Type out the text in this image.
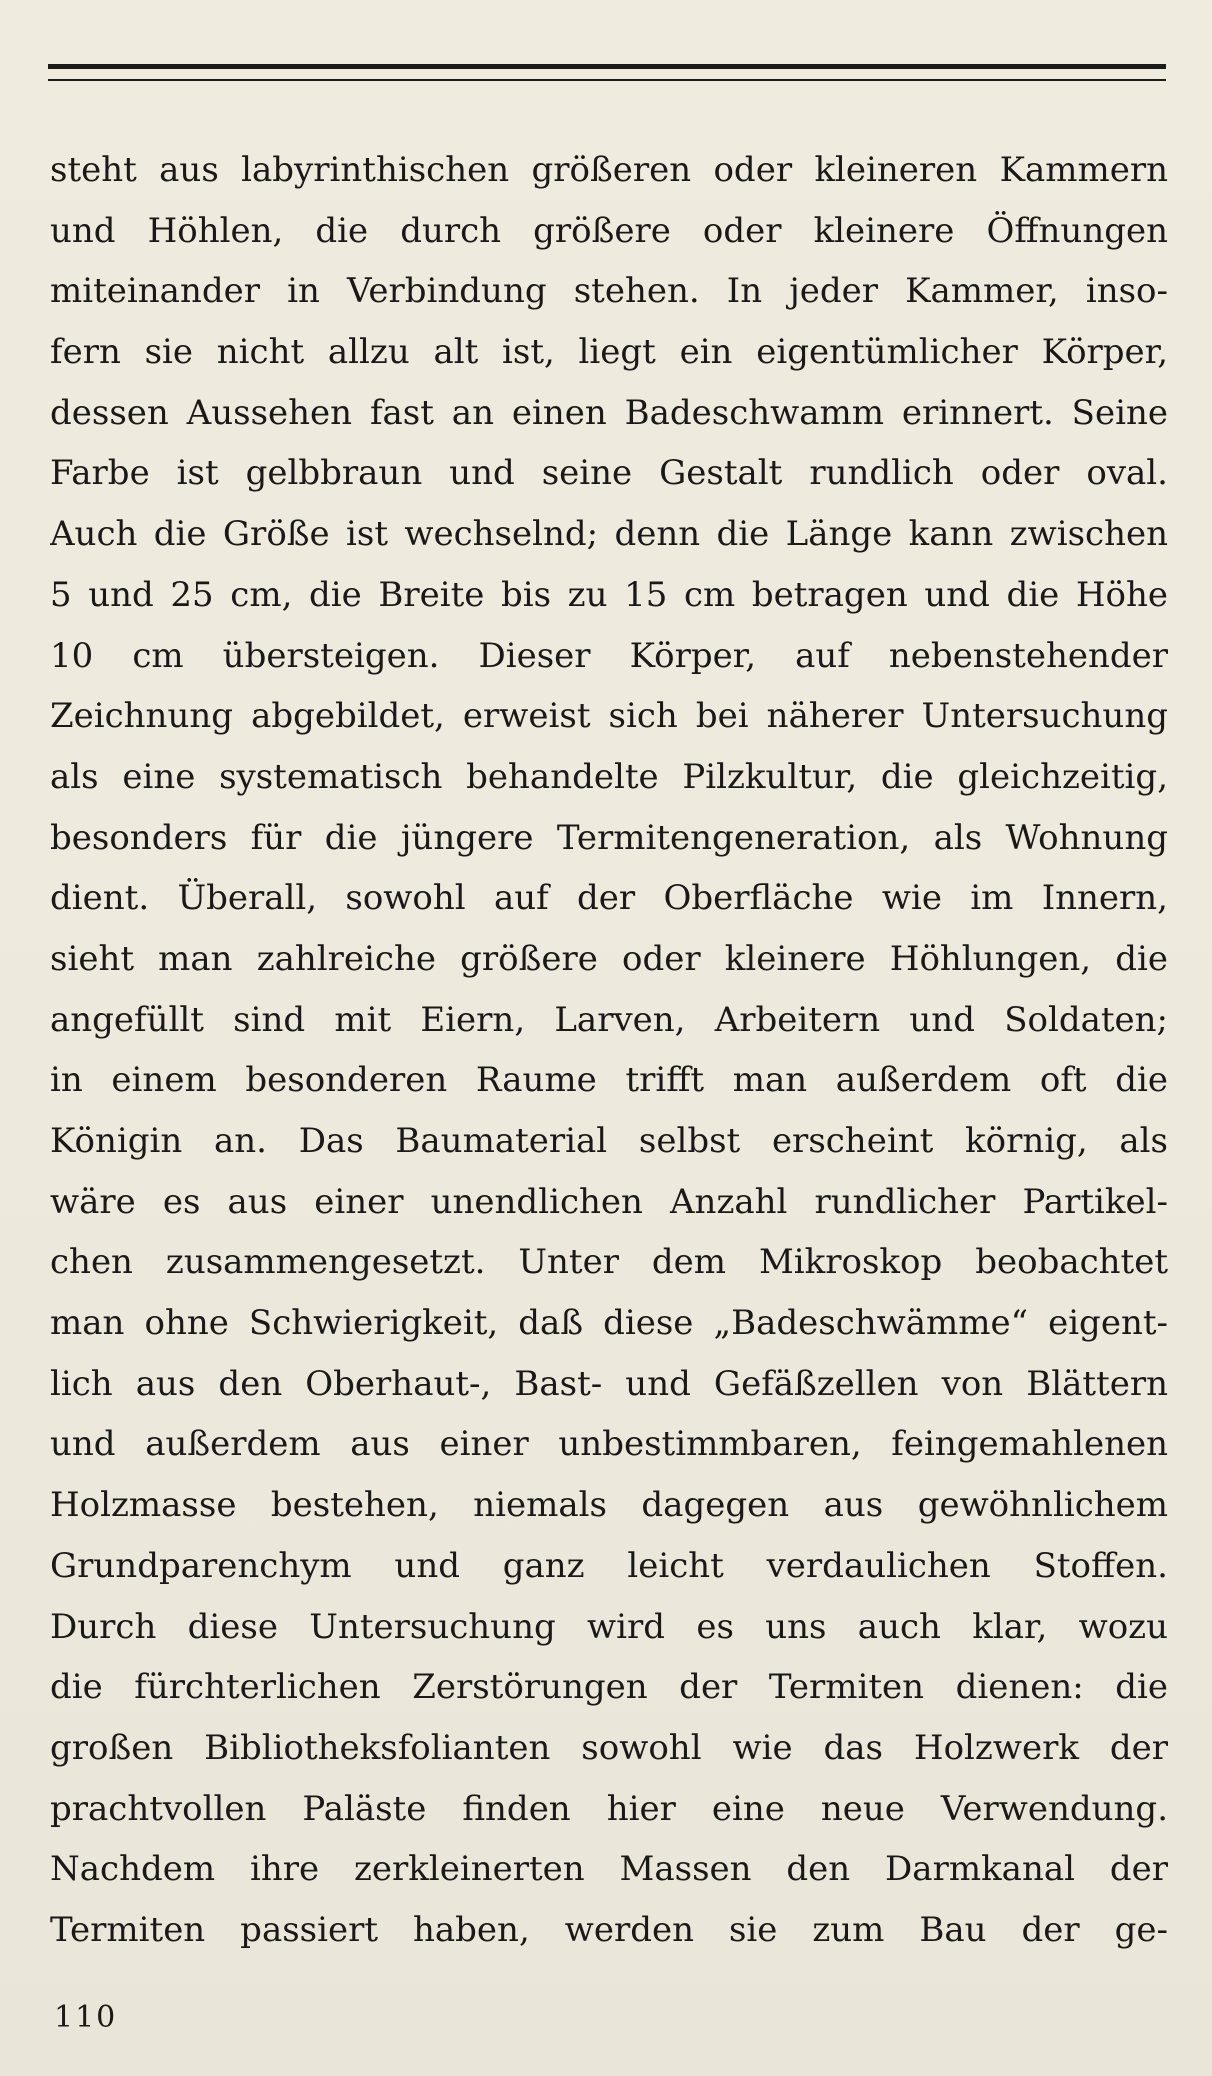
steht aus labyrinthischen größeren oder kleineren Kammern
und Höhlen, die durch größere oder kleinere Öffnungen
miteinander in Verbindung stehen. In jeder Kammer, inso-
fern sie nicht allzu alt ist, liegt ein eigentümlicher Körper,
dessen Aussehen fast an einen Badeschwamm erinnert. Seine
Farbe ist gelbbraun und seine Gestalt rundlich oder oval.
Auch die Größe ist wechselnd; denn die Länge kann zwischen
5 und 25 cm, die Breite bis zu 15 cm betragen und die Höhe
10 cm übersteigen. Dieser Körper, auf nebenstehender
Zeichnung abgebildet, erweist sich bei näherer Untersuchung
als eine systematisch behandelte Pilzkultur, die gleichzeitig,
besonders für die jüngere Termitengeneration, als Wohnung
dient. Überall, sowohl auf der Oberfläche wie im Innern,
sieht man zahlreiche größere oder kleinere Höhlungen, die
angefüllt sind mit Eiern, Larven, Arbeitern und Soldaten;
in einem besonderen Raume trifft man außerdem oft die
Königin an. Das Baumaterial selbst erscheint körnig, als
wäre es aus einer unendlichen Anzahl rundlicher Partikel-
chen zusammengesetzt. Unter dem Mikroskop beobachtet
man ohne Schwierigkeit, daß diese „Badeschwämme“ eigent-
lich aus den Oberhaut-, Bast- und Gefäßzellen von Blättern
und außerdem aus einer unbestimmbaren, feingemahlenen
Holzmasse bestehen, niemals dagegen aus gewöhnlichem
Grundparenchym und ganz leicht verdaulichen Stoffen.
Durch diese Untersuchung wird es uns auch klar, wozu
die fürchterlichen Zerstörungen der Termiten dienen: die
großen Bibliotheksfolianten sowohl wie das Holzwerk der
prachtvollen Paläste finden hier eine neue Verwendung.
Nachdem ihre zerkleinerten Massen den Darmkanal der
Termiten passiert haben, werden sie zum Bau der ge-
110
